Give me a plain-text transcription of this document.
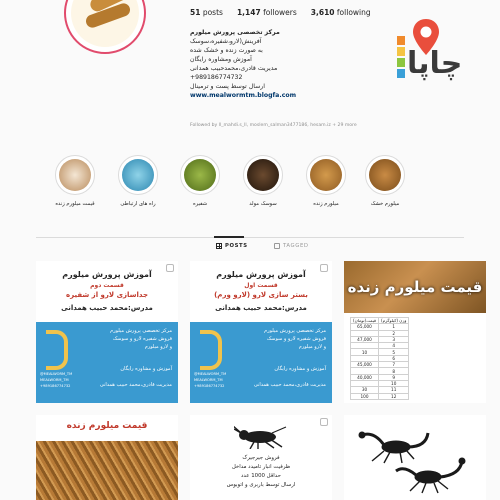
51 posts 1,147 followers 3,610 following
مرکز تخصصی پرورش میلورم
آفرینش(لارو،شفیره،سوسک
به صورت زنده و خشک شده
آموزش ومشاوره رایگان
مدیریت قادری،محمدحبیب همدانی
+989186774732
ارسال توسط پست و ترمینال
www.mealwormtm.blogfa.com
Followed by ll_mahdi.s_ll, moslem_salman3477186, hesam.iz + 29 more
چاپا
میلورم خشک
میلورم زنده
سوسک مولد
شفیره
راه های ارتباطی
قیمت میلورم زنده
POSTS	TAGGED
آموزش پرورش میلورم
قسمت دوم
جداسازی لارو از شفیره
مدرس:محمد حبیب همدانی
مرکز تخصصی پرورش میلورم
فروش شفیره لارو و سوسک
و لارو میلورم
آموزش و مشاوره رایگان
مدیریت قادری،محمد حبیب همدانی
@MEALWORM_TM
MEALWORM_TM
+989186774732
آموزش پرورش میلورم
قسمت اول
بستر سازی لارو (لارو ورم)
مدرس:محمد حبیب همدانی
مرکز تخصصی پرورش میلورم
فروش شفیره لارو و سوسک
و لارو میلورم
آموزش و مشاوره رایگان
مدیریت قادری،محمد حبیب همدانی
@MEALWORM_TM
MEALWORM_TM
+989186774732
قیمت میلورم زنده
قیمت(تومان)	وزن (کیلوگرم)
65,000	1
	2
47,000	3
	4
10	5
	6
45,000	7
	8
40,000	9
	10
30	11
100	12
قیمت میلورم زنده
فروش جیرجیرک
ظرفیت انبار تامیدد مداخل
حداقل 1000 عدد
ارسال توسط باربری و اتوبوس
